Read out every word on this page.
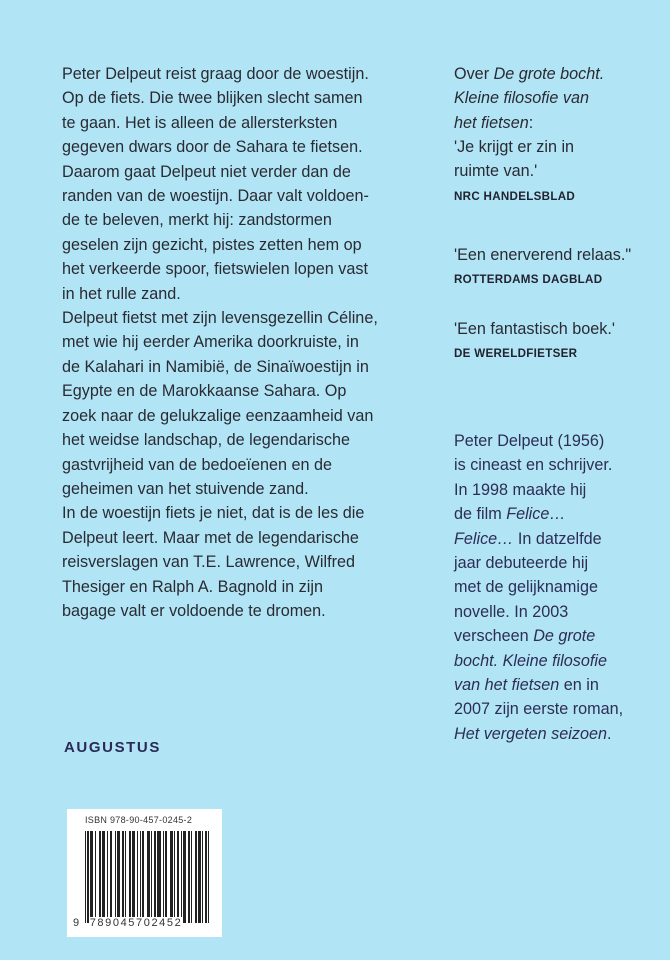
Peter Delpeut reist graag door de woestijn.
Op de fiets. Die twee blijken slecht samen
te gaan. Het is alleen de allersterksten
gegeven dwars door de Sahara te fietsen.
Daarom gaat Delpeut niet verder dan de
randen van de woestijn. Daar valt voldoen-
de te beleven, merkt hij: zandstormen
geselen zijn gezicht, pistes zetten hem op
het verkeerde spoor, fietswielen lopen vast
in het rulle zand.
Delpeut fietst met zijn levensgezellin Céline,
met wie hij eerder Amerika doorkruiste, in
de Kalahari in Namibië, de Sinaïwoestijn in
Egypte en de Marokkaanse Sahara. Op
zoek naar de gelukzalige eenzaamheid van
het weidse landschap, de legendarische
gastvrijheid van de bedoeïenen en de
geheimen van het stuivende zand.
In de woestijn fiets je niet, dat is de les die
Delpeut leert. Maar met de legendarische
reisverslagen van T.E. Lawrence, Wilfred
Thesiger en Ralph A. Bagnold in zijn
bagage valt er voldoende te dromen.
Over De grote bocht.
Kleine filosofie van
het fietsen:
'Je krijgt er zin in
ruimte van.'
NRC HANDELSBLAD
'Een enerverend relaas."
ROTTERDAMS DAGBLAD
'Een fantastisch boek.'
DE WERELDFIETSER
Peter Delpeut (1956)
is cineast en schrijver.
In 1998 maakte hij
de film Felice…
Felice… In datzelfde
jaar debuteerde hij
met de gelijknamige
novelle. In 2003
verscheen De grote
bocht. Kleine filosofie
van het fietsen en in
2007 zijn eerste roman,
Het vergeten seizoen.
AUGUSTUS
ISBN 978-90-457-0245-2
9 789045702452
